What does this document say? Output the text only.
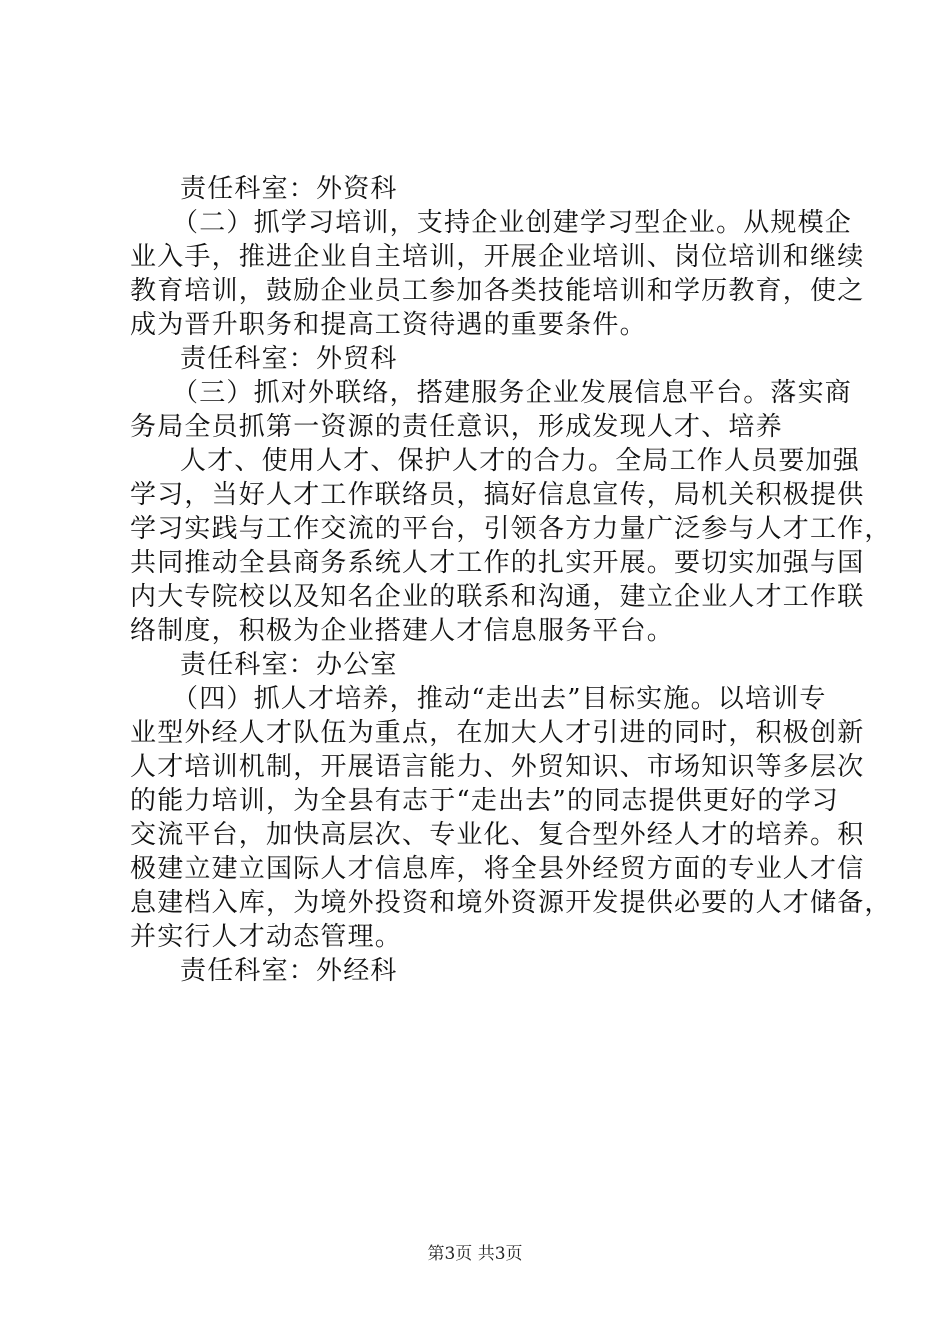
责任科室：外资科
（二）抓学习培训，支持企业创建学习型企业。从规模企
业入手，推进企业自主培训，开展企业培训、岗位培训和继续
教育培训，鼓励企业员工参加各类技能培训和学历教育，使之
成为晋升职务和提高工资待遇的重要条件。
责任科室：外贸科
（三）抓对外联络，搭建服务企业发展信息平台。落实商
务局全员抓第一资源的责任意识，形成发现人才、培养
人才、使用人才、保护人才的合力。全局工作人员要加强
学习，当好人才工作联络员，搞好信息宣传，局机关积极提供
学习实践与工作交流的平台，引领各方力量广泛参与人才工作，
共同推动全县商务系统人才工作的扎实开展。要切实加强与国
内大专院校以及知名企业的联系和沟通，建立企业人才工作联
络制度，积极为企业搭建人才信息服务平台。
责任科室：办公室
（四）抓人才培养，推动“走出去”目标实施。以培训专
业型外经人才队伍为重点，在加大人才引进的同时，积极创新
人才培训机制，开展语言能力、外贸知识、市场知识等多层次
的能力培训，为全县有志于“走出去”的同志提供更好的学习
交流平台，加快高层次、专业化、复合型外经人才的培养。积
极建立建立国际人才信息库，将全县外经贸方面的专业人才信
息建档入库，为境外投资和境外资源开发提供必要的人才储备，
并实行人才动态管理。
责任科室：外经科
第3页 共3页
